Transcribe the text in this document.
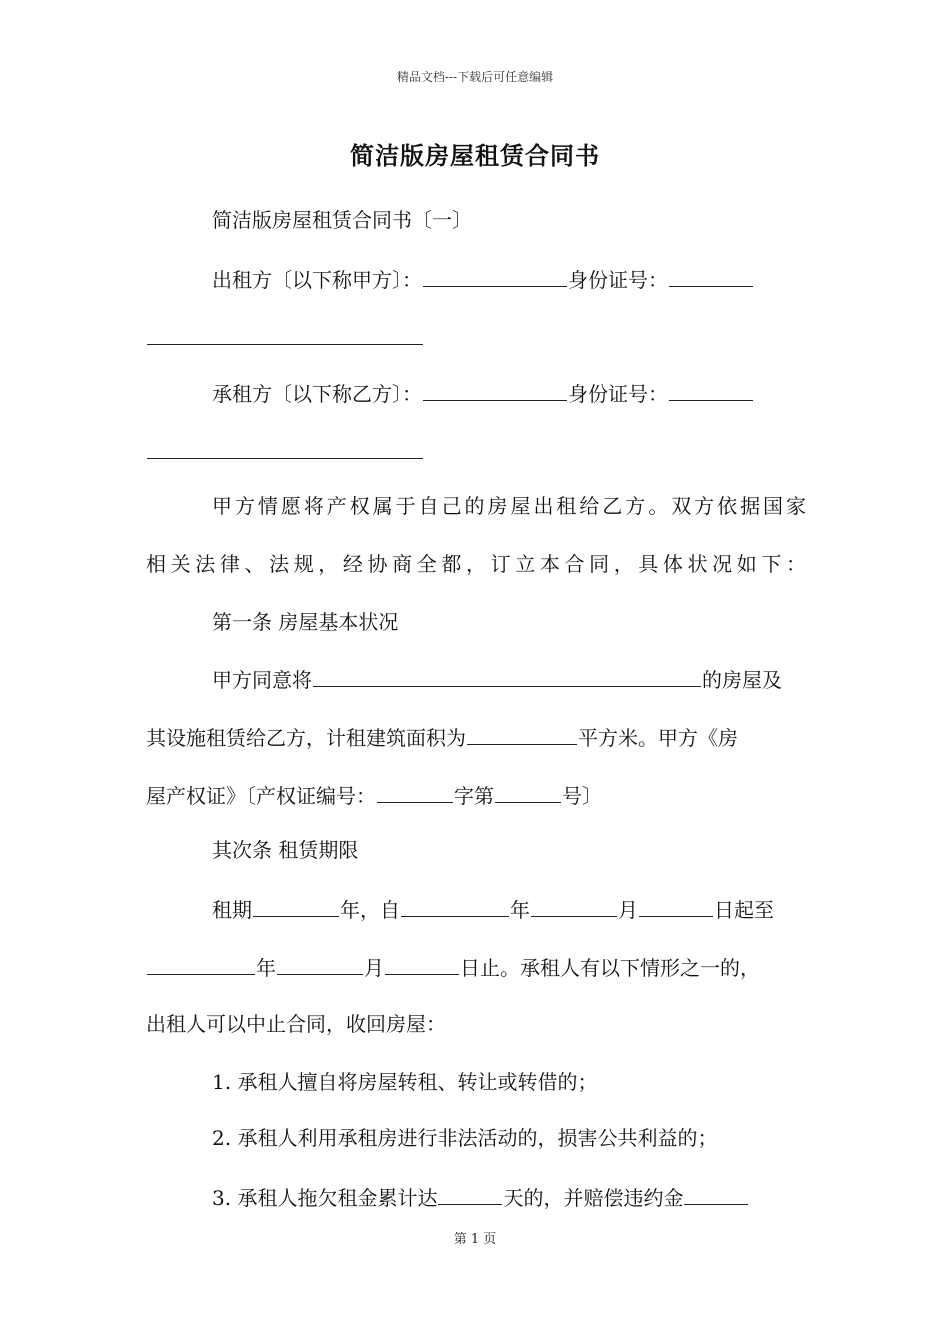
精品文档---下载后可任意编辑
简洁版房屋租赁合同书
简洁版房屋租赁合同书〔一〕
出租方〔以下称甲方〕：	身份证号：
承租方〔以下称乙方〕：	身份证号：
甲方情愿将产权属于自己的房屋出租给乙方。双方依据国家
相关法律、法规，经协商全都，订立本合同，具体状况如下：
第一条 房屋基本状况
甲方同意将	的房屋及
其设施租赁给乙方，计租建筑面积为	平方米。甲方《房
屋产权证》〔产权证编号：	字第	号〕
其次条 租赁期限
租期	年，自	年	月	日起至
年	月	日止。承租人有以下情形之一的，
出租人可以中止合同，收回房屋：
1. 承租人擅自将房屋转租、转让或转借的；
2. 承租人利用承租房进行非法活动的，损害公共利益的；
3. 承租人拖欠租金累计达	天的，并赔偿违约金
第 1 页
